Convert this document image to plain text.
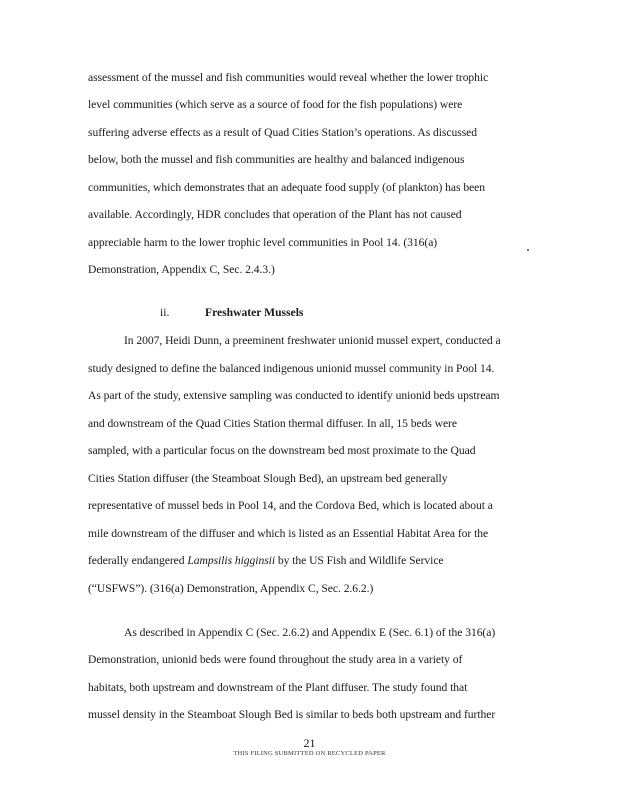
assessment of the mussel and fish communities would reveal whether the lower trophic
level communities (which serve as a source of food for the fish populations) were
suffering adverse effects as a result of Quad Cities Station’s operations. As discussed
below, both the mussel and fish communities are healthy and balanced indigenous
communities, which demonstrates that an adequate food supply (of plankton) has been
available. Accordingly, HDR concludes that operation of the Plant has not caused
appreciable harm to the lower trophic level communities in Pool 14. (316(a)
Demonstration, Appendix C, Sec. 2.4.3.)
ii.	Freshwater Mussels
In 2007, Heidi Dunn, a preeminent freshwater unionid mussel expert, conducted a
study designed to define the balanced indigenous unionid mussel community in Pool 14.
As part of the study, extensive sampling was conducted to identify unionid beds upstream
and downstream of the Quad Cities Station thermal diffuser. In all, 15 beds were
sampled, with a particular focus on the downstream bed most proximate to the Quad
Cities Station diffuser (the Steamboat Slough Bed), an upstream bed generally
representative of mussel beds in Pool 14, and the Cordova Bed, which is located about a
mile downstream of the diffuser and which is listed as an Essential Habitat Area for the
federally endangered Lampsilis higginsii by the US Fish and Wildlife Service
(“USFWS”). (316(a) Demonstration, Appendix C, Sec. 2.6.2.)
As described in Appendix C (Sec. 2.6.2) and Appendix E (Sec. 6.1) of the 316(a)
Demonstration, unionid beds were found throughout the study area in a variety of
habitats, both upstream and downstream of the Plant diffuser. The study found that
mussel density in the Steamboat Slough Bed is similar to beds both upstream and further
21
THIS FILING SUBMITTED ON RECYCLED PAPER
